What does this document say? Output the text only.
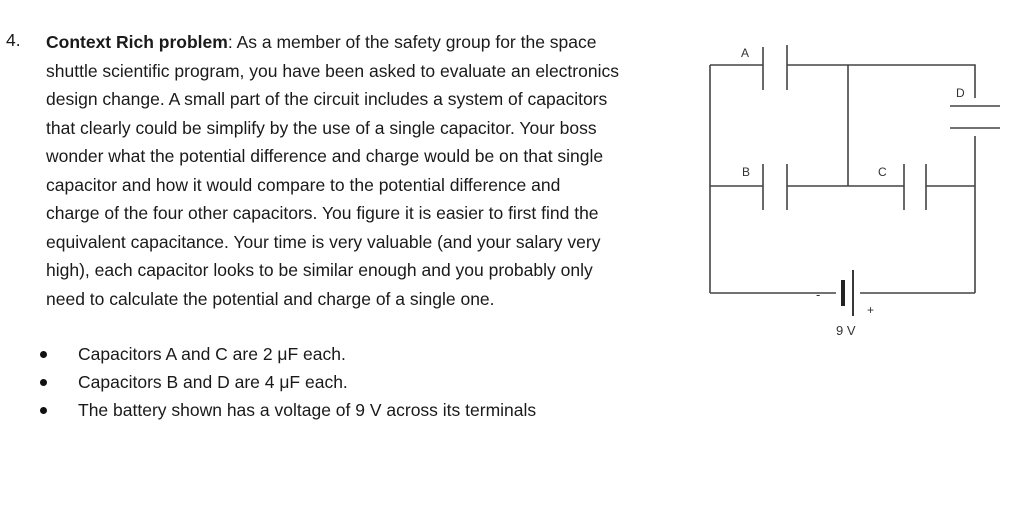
4. Context Rich problem: As a member of the safety group for the space
shuttle scientific program, you have been asked to evaluate an electronics
design change. A small part of the circuit includes a system of capacitors
that clearly could be simplify by the use of a single capacitor. Your boss
wonder what the potential difference and charge would be on that single
capacitor and how it would compare to the potential difference and
charge of the four other capacitors. You figure it is easier to first find the
equivalent capacitance. Your time is very valuable (and your salary very
high), each capacitor looks to be similar enough and you probably only
need to calculate the potential and charge of a single one.
Capacitors A and C are 2 μF each.
Capacitors B and D are 4 μF each.
The battery shown has a voltage of 9 V across its terminals
A
B	C
D
-
+
9 V
